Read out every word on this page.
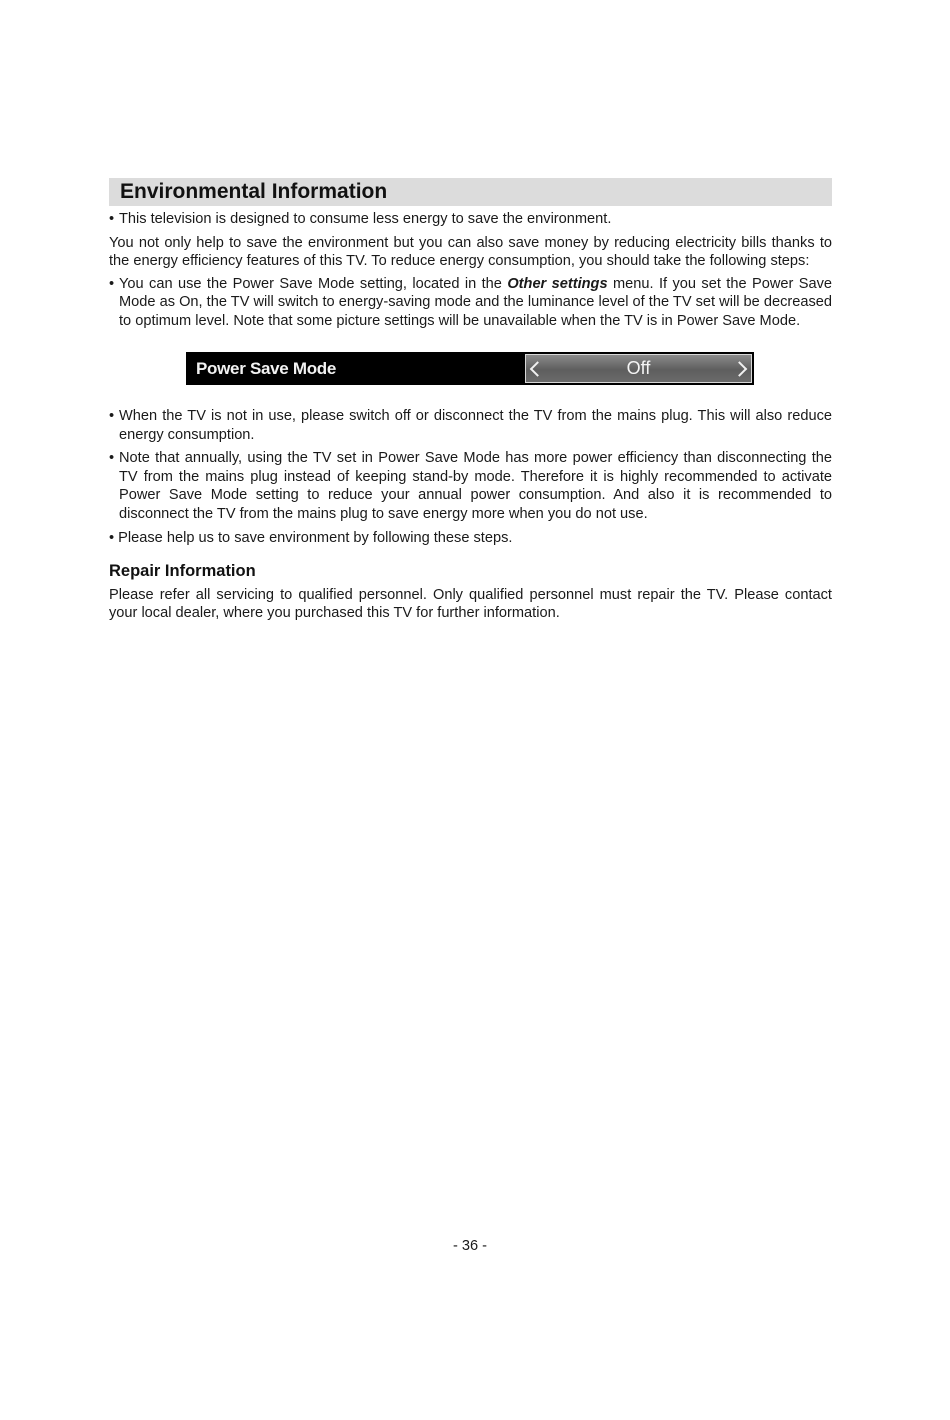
Environmental Information

• This television is designed to consume less energy to save the environment.

You not only help to save the environment but you can also save money by reducing electricity bills thanks to the energy efficiency features of this TV. To reduce energy consumption, you should take the following steps:

• You can use the Power Save Mode setting, located in the Other settings menu. If you set the Power Save Mode as On, the TV will switch to energy-saving mode and the luminance level of the TV set will be decreased to optimum level. Note that some picture settings will be unavailable when the TV is in Power Save Mode.

Power Save Mode	Off

• When the TV is not in use, please switch off or disconnect the TV from the mains plug. This will also reduce energy consumption.

• Note that annually, using the TV set in Power Save Mode has more power efficiency than disconnecting the TV from the mains plug instead of keeping stand-by mode. Therefore it is highly recommended to activate Power Save Mode setting to reduce your annual power consumption. And also it is recommended to disconnect the TV from the mains plug to save energy more when you do not use.

• Please help us to save environment by following these steps.

Repair Information

Please refer all servicing to qualified personnel. Only qualified personnel must repair the TV. Please contact your local dealer, where you purchased this TV for further information.

- 36 -
